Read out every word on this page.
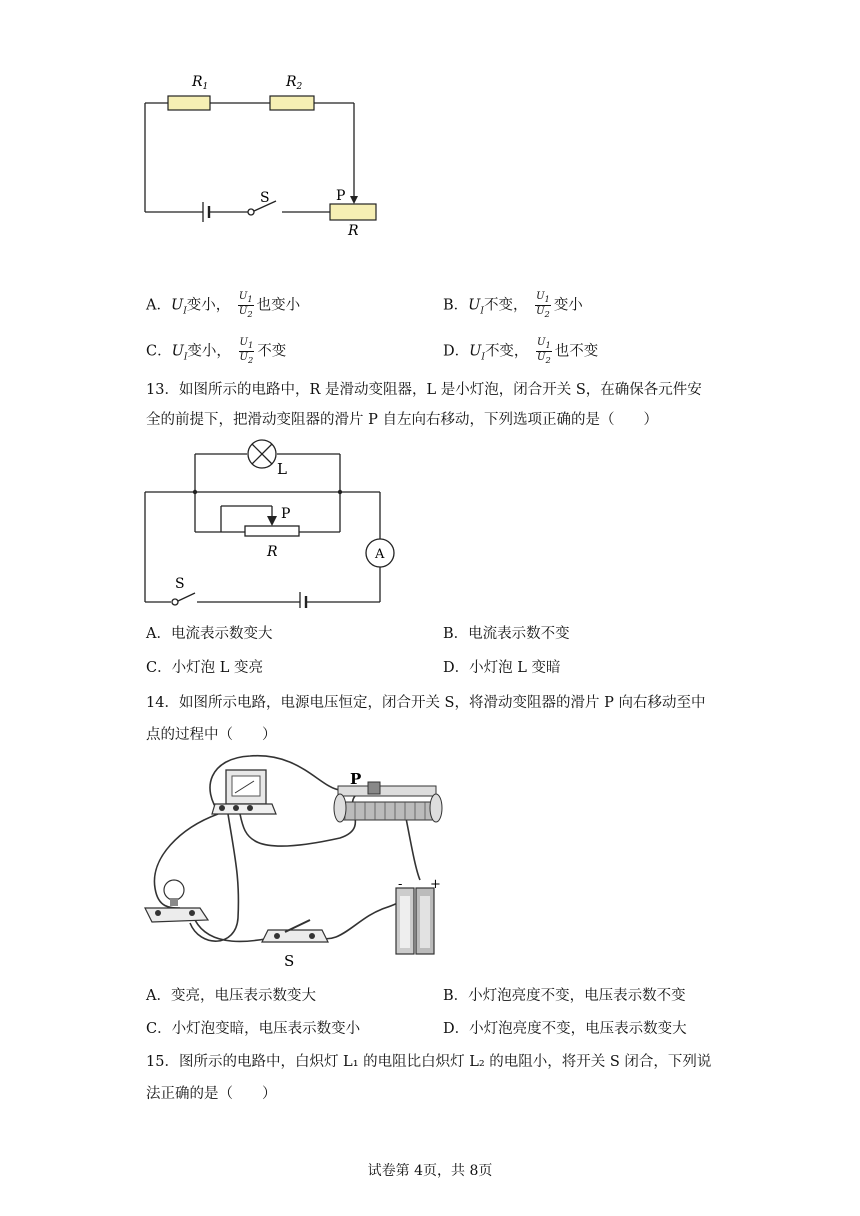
$R_1$	$R_2$
S	P
R
A．$U_I$变小， $\frac{U_1}{U_2}$ 也变小	B．$U_I$不变， $\frac{U_1}{U_2}$ 变小
C．$U_I$变小， $\frac{U_1}{U_2}$ 不变	D．$U_I$不变， $\frac{U_1}{U_2}$ 也不变
13．如图所示的电路中，R 是滑动变阻器，L 是小灯泡，闭合开关 S，在确保各元件安
全的前提下，把滑动变阻器的滑片 P 自左向右移动，下列选项正确的是（　　）
L
P
R	A
S
A．电流表示数变大	B．电流表示数不变
C．小灯泡 L 变亮	D．小灯泡 L 变暗
14．如图所示电路，电源电压恒定，闭合开关 S，将滑动变阻器的滑片 P 向右移动至中
点的过程中（　　）
P
S
- +
A．变亮，电压表示数变大	B．小灯泡亮度不变，电压表示数不变
C．小灯泡变暗，电压表示数变小	D．小灯泡亮度不变，电压表示数变大
15．图所示的电路中，白炽灯 L₁ 的电阻比白炽灯 L₂ 的电阻小，将开关 S 闭合，下列说
法正确的是（　　）
试卷第 4页，共 8页
